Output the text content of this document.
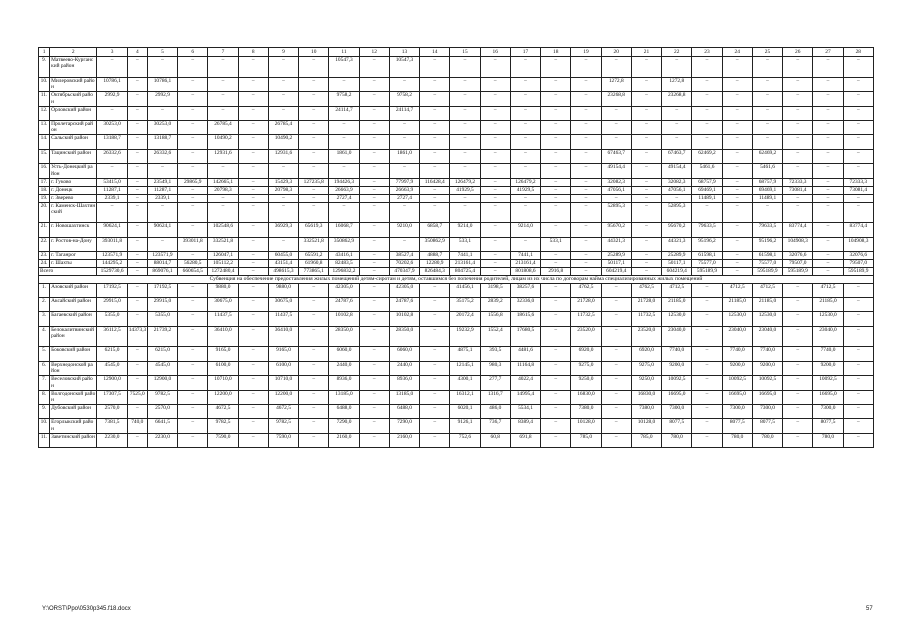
1	2	3	4	5	6	7	8	9	10	11	12	13	14	15	16	17	18	19	20	21	22	23	24	25	26	27	28
9.	Матвеево-Курганский район	–	–	–	–	–	–	–	–	10547,3	–	10547,3	–	–	–	–	–	–	–	–	–	–	–	–	–	–	–
10.	Милеровский район	10786,1	–	10786,1	–	–	–	–	–	–	–	–	–	–	–	–	–	–	1272,8	–	1272,8	–	–	–	–	–	–
11.	Октябрьский район	2992,9	–	2992,9	–	–	–	–	–	9758,2	–	9758,2	–	–	–	–	–	–	23268,8	–	23268,8	–	–	–	–	–	–
12.	Орловский район	–	–	–	–	–	–	–	–	24114,7	–	24114,7	–	–	–	–	–	–	–	–	–	–	–	–	–	–	–
13.	Пролетарский район	30253,0	–	30253,0	–	26785,4	–	26785,4	–	–	–	–	–	–	–	–	–	–	–	–	–	–	–	–	–	–	–
14.	Сальский район	13188,7	–	13188,7	–	10490,2	–	10490,2	–	–	–	–	–	–	–	–	–	–	–	–	–	–	–	–	–	–	–
15.	Тацинский район	26332,6	–	26332,6	–	12931,6	–	12931,6	–	1861,0	–	1861,0	–	–	–	–	–	–	67463,7	–	67463,7	62469,2	–	62469,2	–	–	–
16.	Усть-Донецкий район	–	–	–	–	–	–	–	–	–	–	–	–	–	–	–	–	–	49154,4	–	49154,4	5461,6	–	5461,6	–	–	–
17.	г. Гуково	53415,0	–	23549,1	29865,9	142665,1	–	15429,3	127235,8	194426,3	–	77997,9	116428,4	126479,2	–	126479,2	–	–	32082,3	–	32082,3	68757,9	–	68757,9	72333,3	–	72333,3
18.	г. Донецк	11287,1	–	11287,1	–	20798,3	–	20798,3	–	26663,9	–	26663,9	–	41929,5	–	41929,5	–	–	47056,1	–	47056,1	69469,1	–	69469,1	73081,4	–	73081,4
19.	г. Зверево	2339,1	–	2339,1	–	–	–	–	–	2727,4	–	2727,4	–	–	–	–	–	–	–	–	–	11489,1	–	11489,1	–	–	–
20.	г. Каменск-Шахтинский	–	–	–	–	–	–	–	–	–	–	–	–	–	–	–	–	–	52895,3	–	52895,3	–	–	–	–	–	–
21.	г. Новошахтинск	90624,1	–	90624,1	–	102548,6	–	36929,3	65619,3	16068,7	–	9210,0	6858,7	9214,0	–	9214,0	–	–	95670,2	–	95670,2	79633,5	–	79633,5	83774,4	–	83774,4
22.	г. Ростов-на-Дону	393011,8	–	–	393011,8	332521,8	–	–	332521,8	350862,9	–	–	350862,9	533,1	–	–	533,1	–	44321,3	–	44321,3	95196,2	–	95196,2	104908,3	–	104908,3
23.	г. Таганрог	123571,9	–	123571,9	–	126047,1	–	60455,0	65591,2	43416,1	–	38527,4	4888,7	7441,1	–	7441,1	–	–	25289,9	–	25289,9	61598,1	–	61598,1	32076,6	–	32076,6
24.	г. Шахты	144295,2	–	88014,7	56280,5	105112,2	–	43151,4	61960,8	82483,5	–	70202,6	12280,9	213161,4	–	213161,4	–	–	50117,1	–	50117,1	75577,0	–	75577,0	79507,0	–	79507,0
Всего		1529730,6	–	869076,1	660654,5	1272480,4	–	498615,3	773865,1	1296832,2	–	470347,9	826484,3	804725,4	–	801808,6	2916,8	–	604219,4	–	604219,4	595189,9	–	595189,9	595189,9	–	595189,9
Субвенция на обеспечение предоставления жилых помещений детям-сиротам и детям, оставшимся без попечения родителей, лицам из их числа по договорам найма специализированных жилых помещений																											
1.	Азовский район	17192,5	–	17192,5	–	9880,0	–	9880,0	–	42305,0	–	42305,0	–	41456,1	3198,5	38257,6	–	4762,5	–	4762,5	4712,5	–	4712,5	4712,5	–	4712,5	–
2.	Аксайский район	29915,0	–	29915,0	–	30675,0	–	30675,0	–	24787,6	–	24787,6	–	35175,2	2839,2	32336,0	–	21728,0	–	21728,0	21185,0	–	21185,0	21185,0	–	21185,0	–
3.	Багаевский район	5355,0	–	5355,0	–	11437,5	–	11437,5	–	10102,8	–	10102,8	–	20172,4	1556,8	18615,6	–	11732,5	–	11732,5	12530,0	–	12530,0	12530,0	–	12530,0	–
4.	Белокалитвинский район	36112,5	14373,3	21739,2	–	36410,0	–	36410,0	–	28350,0	–	28350,0	–	19232,9	1552,4	17680,5	–	23520,0	–	23520,0	23040,0	–	23040,0	23040,0	–	23040,0	–
5.	Боковский район	6215,0	–	6215,0	–	9165,0	–	9165,0	–	6060,0	–	6060,0	–	4875,1	393,5	4481,6	–	6920,0	–	6920,0	7740,0	–	7740,0	7740,0	–	7740,0	–
6.	Верхнедонской район	4545,0	–	4545,0	–	6100,0	–	6100,0	–	2440,0	–	2440,0	–	12145,1	980,3	11164,8	–	9275,0	–	9275,0	9200,0	–	9200,0	9200,0	–	9200,0	–
7.	Веселовский район	12900,0	–	12900,0	–	10710,0	–	10710,0	–	8936,0	–	8936,0	–	4300,1	277,7	4022,4	–	9250,0	–	9250,0	10092,5	–	10092,5	10092,5	–	10092,5	–
8.	Волгодонской район	17307,5	7525,0	9782,5	–	12200,0	–	12200,0	–	13185,0	–	13185,0	–	16312,1	1316,7	14995,4	–	16830,0	–	16830,0	16695,0	–	16695,0	16695,0	–	16695,0	–
9.	Дубовский район	2570,0	–	2570,0	–	4672,5	–	4672,5	–	6488,0	–	6488,0	–	6020,1	486,0	5534,1	–	7380,0	–	7380,0	7300,0	–	7300,0	7300,0	–	7300,0	–
10.	Егорлыкский район	7381,5	740,0	6641,5	–	9782,5	–	9782,5	–	7290,0	–	7290,0	–	9126,1	736,7	8389,4	–	10128,0	–	10128,0	8077,5	–	8077,5	8077,5	–	8077,5	–
11.	Заветинский район	2230,0	–	2230,0	–	7590,0	–	7590,0	–	2160,0	–	2160,0	–	752,6	60,8	691,8	–	785,0	–	785,0	780,0	–	780,0	780,0	–	780,0	–
Y:\ORST\Ppo\0530p345.f18.docx	57
